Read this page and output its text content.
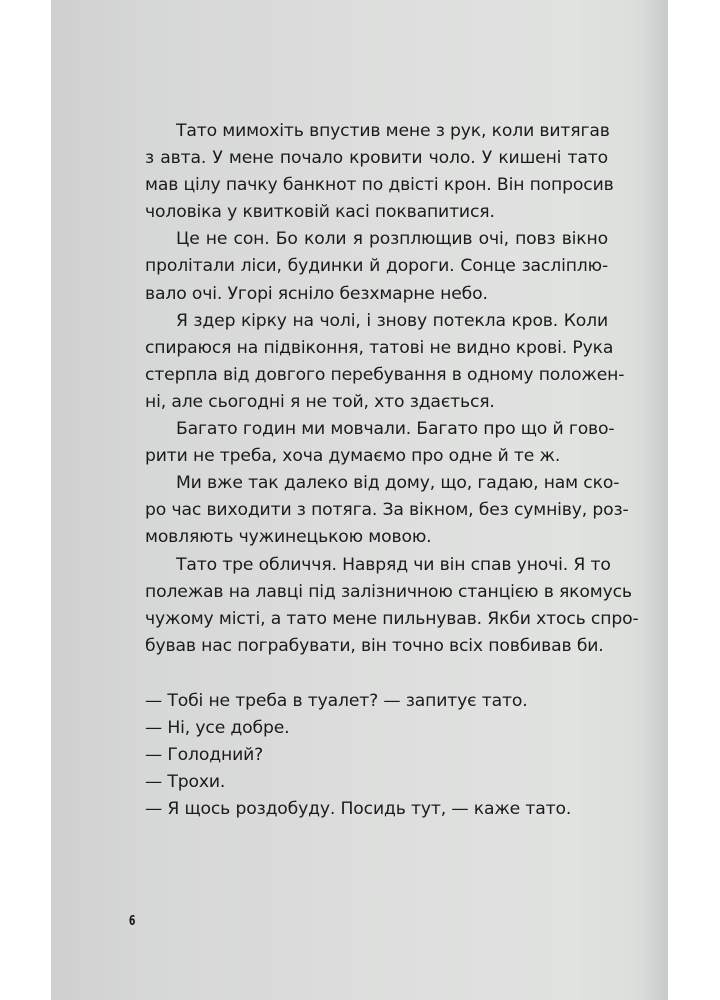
Тато мимохіть впустив мене з рук, коли витягав
з авта. У мене почало кровити чоло. У кишені тато
мав цілу пачку банкнот по двісті крон. Він попросив
чоловіка у квитковій касі поквапитися.
Це не сон. Бо коли я розплющив очі, повз вікно
пролітали ліси, будинки й дороги. Сонце засліплю-
вало очі. Угорі ясніло безхмарне небо.
Я здер кірку на чолі, і знову потекла кров. Коли
спираюся на підвіконня, татові не видно крові. Рука
стерпла від довгого перебування в одному положен-
ні, але сьогодні я не той, хто здається.
Багато годин ми мовчали. Багато про що й гово-
рити не треба, хоча думаємо про одне й те ж.
Ми вже так далеко від дому, що, гадаю, нам ско-
ро час виходити з потяга. За вікном, без сумніву, роз-
мовляють чужинецькою мовою.
Тато тре обличчя. Навряд чи він спав уночі. Я то
полежав на лавці під залізничною станцією в якомусь
чужому місті, а тато мене пильнував. Якби хтось спро-
бував нас пограбувати, він точно всіх повбивав би.
— Тобі не треба в туалет? — запитує тато.
— Ні, усе добре.
— Голодний?
— Трохи.
— Я щось роздобуду. Посидь тут, — каже тато.
6
